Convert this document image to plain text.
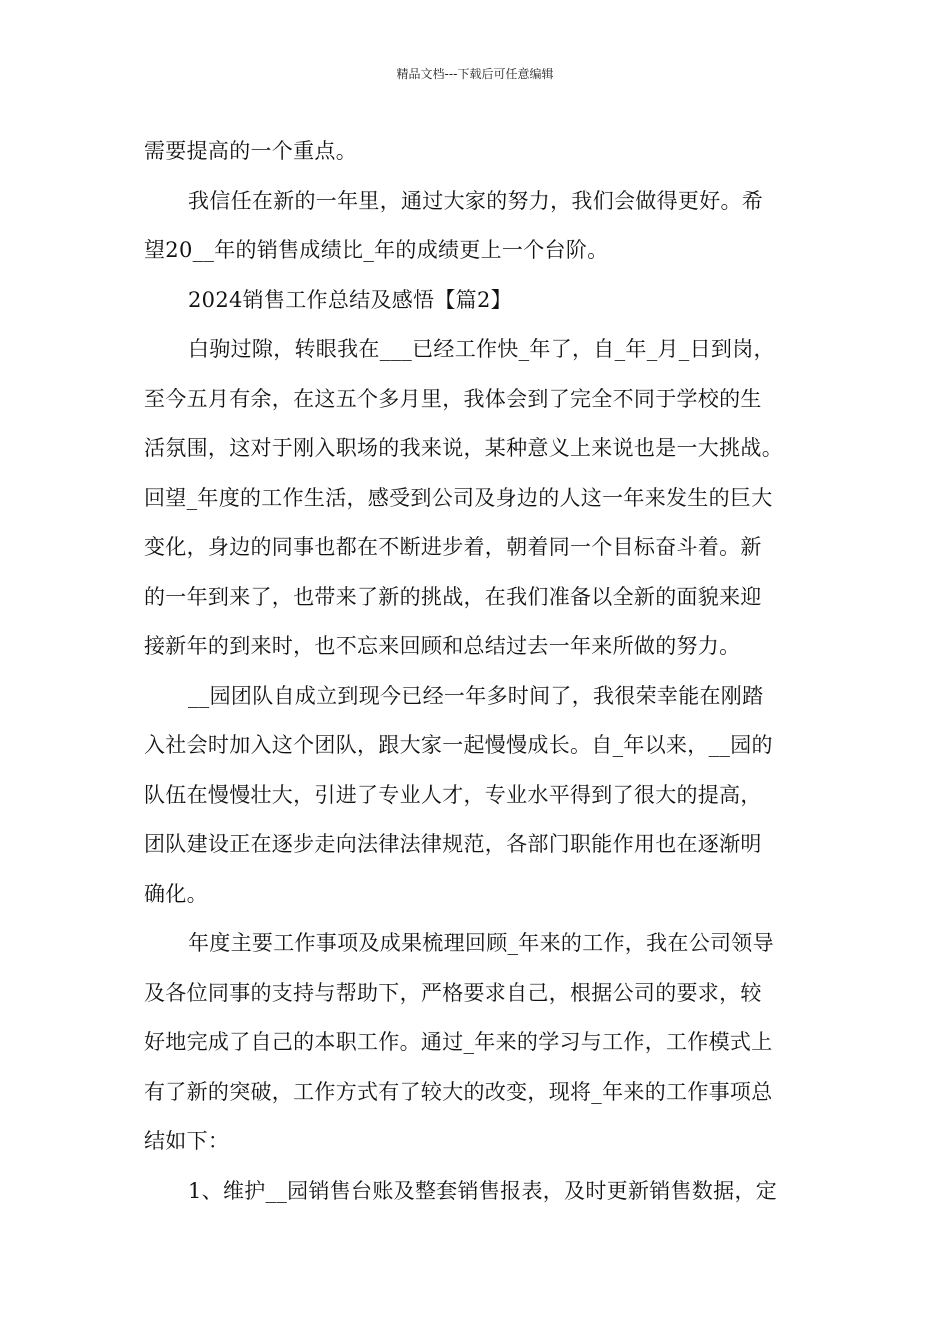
精品文档---下载后可任意编辑
需要提高的一个重点。
我信任在新的一年里，通过大家的努力，我们会做得更好。希
望20__年的销售成绩比_年的成绩更上一个台阶。
2024销售工作总结及感悟【篇2】
白驹过隙，转眼我在___已经工作快_年了，自_年_月_日到岗，
至今五月有余，在这五个多月里，我体会到了完全不同于学校的生
活氛围，这对于刚入职场的我来说，某种意义上来说也是一大挑战。
回望_年度的工作生活，感受到公司及身边的人这一年来发生的巨大
变化，身边的同事也都在不断进步着，朝着同一个目标奋斗着。新
的一年到来了，也带来了新的挑战，在我们准备以全新的面貌来迎
接新年的到来时，也不忘来回顾和总结过去一年来所做的努力。
__园团队自成立到现今已经一年多时间了，我很荣幸能在刚踏
入社会时加入这个团队，跟大家一起慢慢成长。自_年以来，__园的
队伍在慢慢壮大，引进了专业人才，专业水平得到了很大的提高，
团队建设正在逐步走向法律法律规范，各部门职能作用也在逐渐明
确化。
年度主要工作事项及成果梳理回顾_年来的工作，我在公司领导
及各位同事的支持与帮助下，严格要求自己，根据公司的要求，较
好地完成了自己的本职工作。通过_年来的学习与工作，工作模式上
有了新的突破，工作方式有了较大的改变，现将_年来的工作事项总
结如下：
1、维护__园销售台账及整套销售报表，及时更新销售数据，定
